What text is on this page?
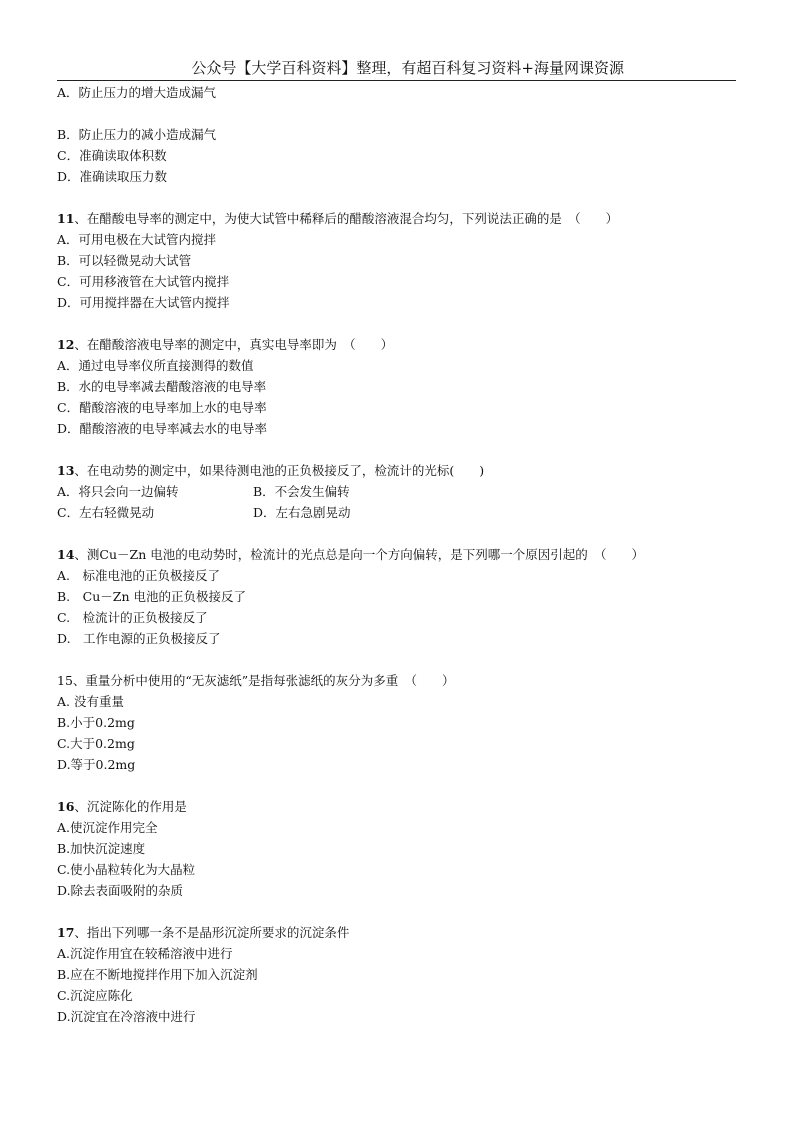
公众号【大学百科资料】整理，有超百科复习资料+海量网课资源
A．防止压力的增大造成漏气
B．防止压力的减小造成漏气
C．准确读取体积数
D．准确读取压力数
11、在醋酸电导率的测定中，为使大试管中稀释后的醋酸溶液混合均匀，下列说法正确的是　（　　）
A．可用电极在大试管内搅拌
B．可以轻微晃动大试管
C．可用移液管在大试管内搅拌
D．可用搅拌器在大试管内搅拌
12、在醋酸溶液电导率的测定中，真实电导率即为　（　　）
A．通过电导率仪所直接测得的数值
B．水的电导率减去醋酸溶液的电导率
C．醋酸溶液的电导率加上水的电导率
D．醋酸溶液的电导率减去水的电导率
13、在电动势的测定中，如果待测电池的正负极接反了，检流计的光标(　　)
A．将只会向一边偏转	B．不会发生偏转
C．左右轻微晃动	D．左右急剧晃动
14、测Cu－Zn 电池的电动势时，检流计的光点总是向一个方向偏转，是下列哪一个原因引起的　（　　）
A.　标准电池的正负极接反了
B.　Cu－Zn 电池的正负极接反了
C.　检流计的正负极接反了
D.　工作电源的正负极接反了
15、重量分析中使用的“无灰滤纸”是指每张滤纸的灰分为多重　（　　）
A. 没有重量
B.小于0.2mg
C.大于0.2mg
D.等于0.2mg
16、沉淀陈化的作用是
A.使沉淀作用完全
B.加快沉淀速度
C.使小晶粒转化为大晶粒
D.除去表面吸附的杂质
17、指出下列哪一条不是晶形沉淀所要求的沉淀条件
A.沉淀作用宜在较稀溶液中进行
B.应在不断地搅拌作用下加入沉淀剂
C.沉淀应陈化
D.沉淀宜在冷溶液中进行
